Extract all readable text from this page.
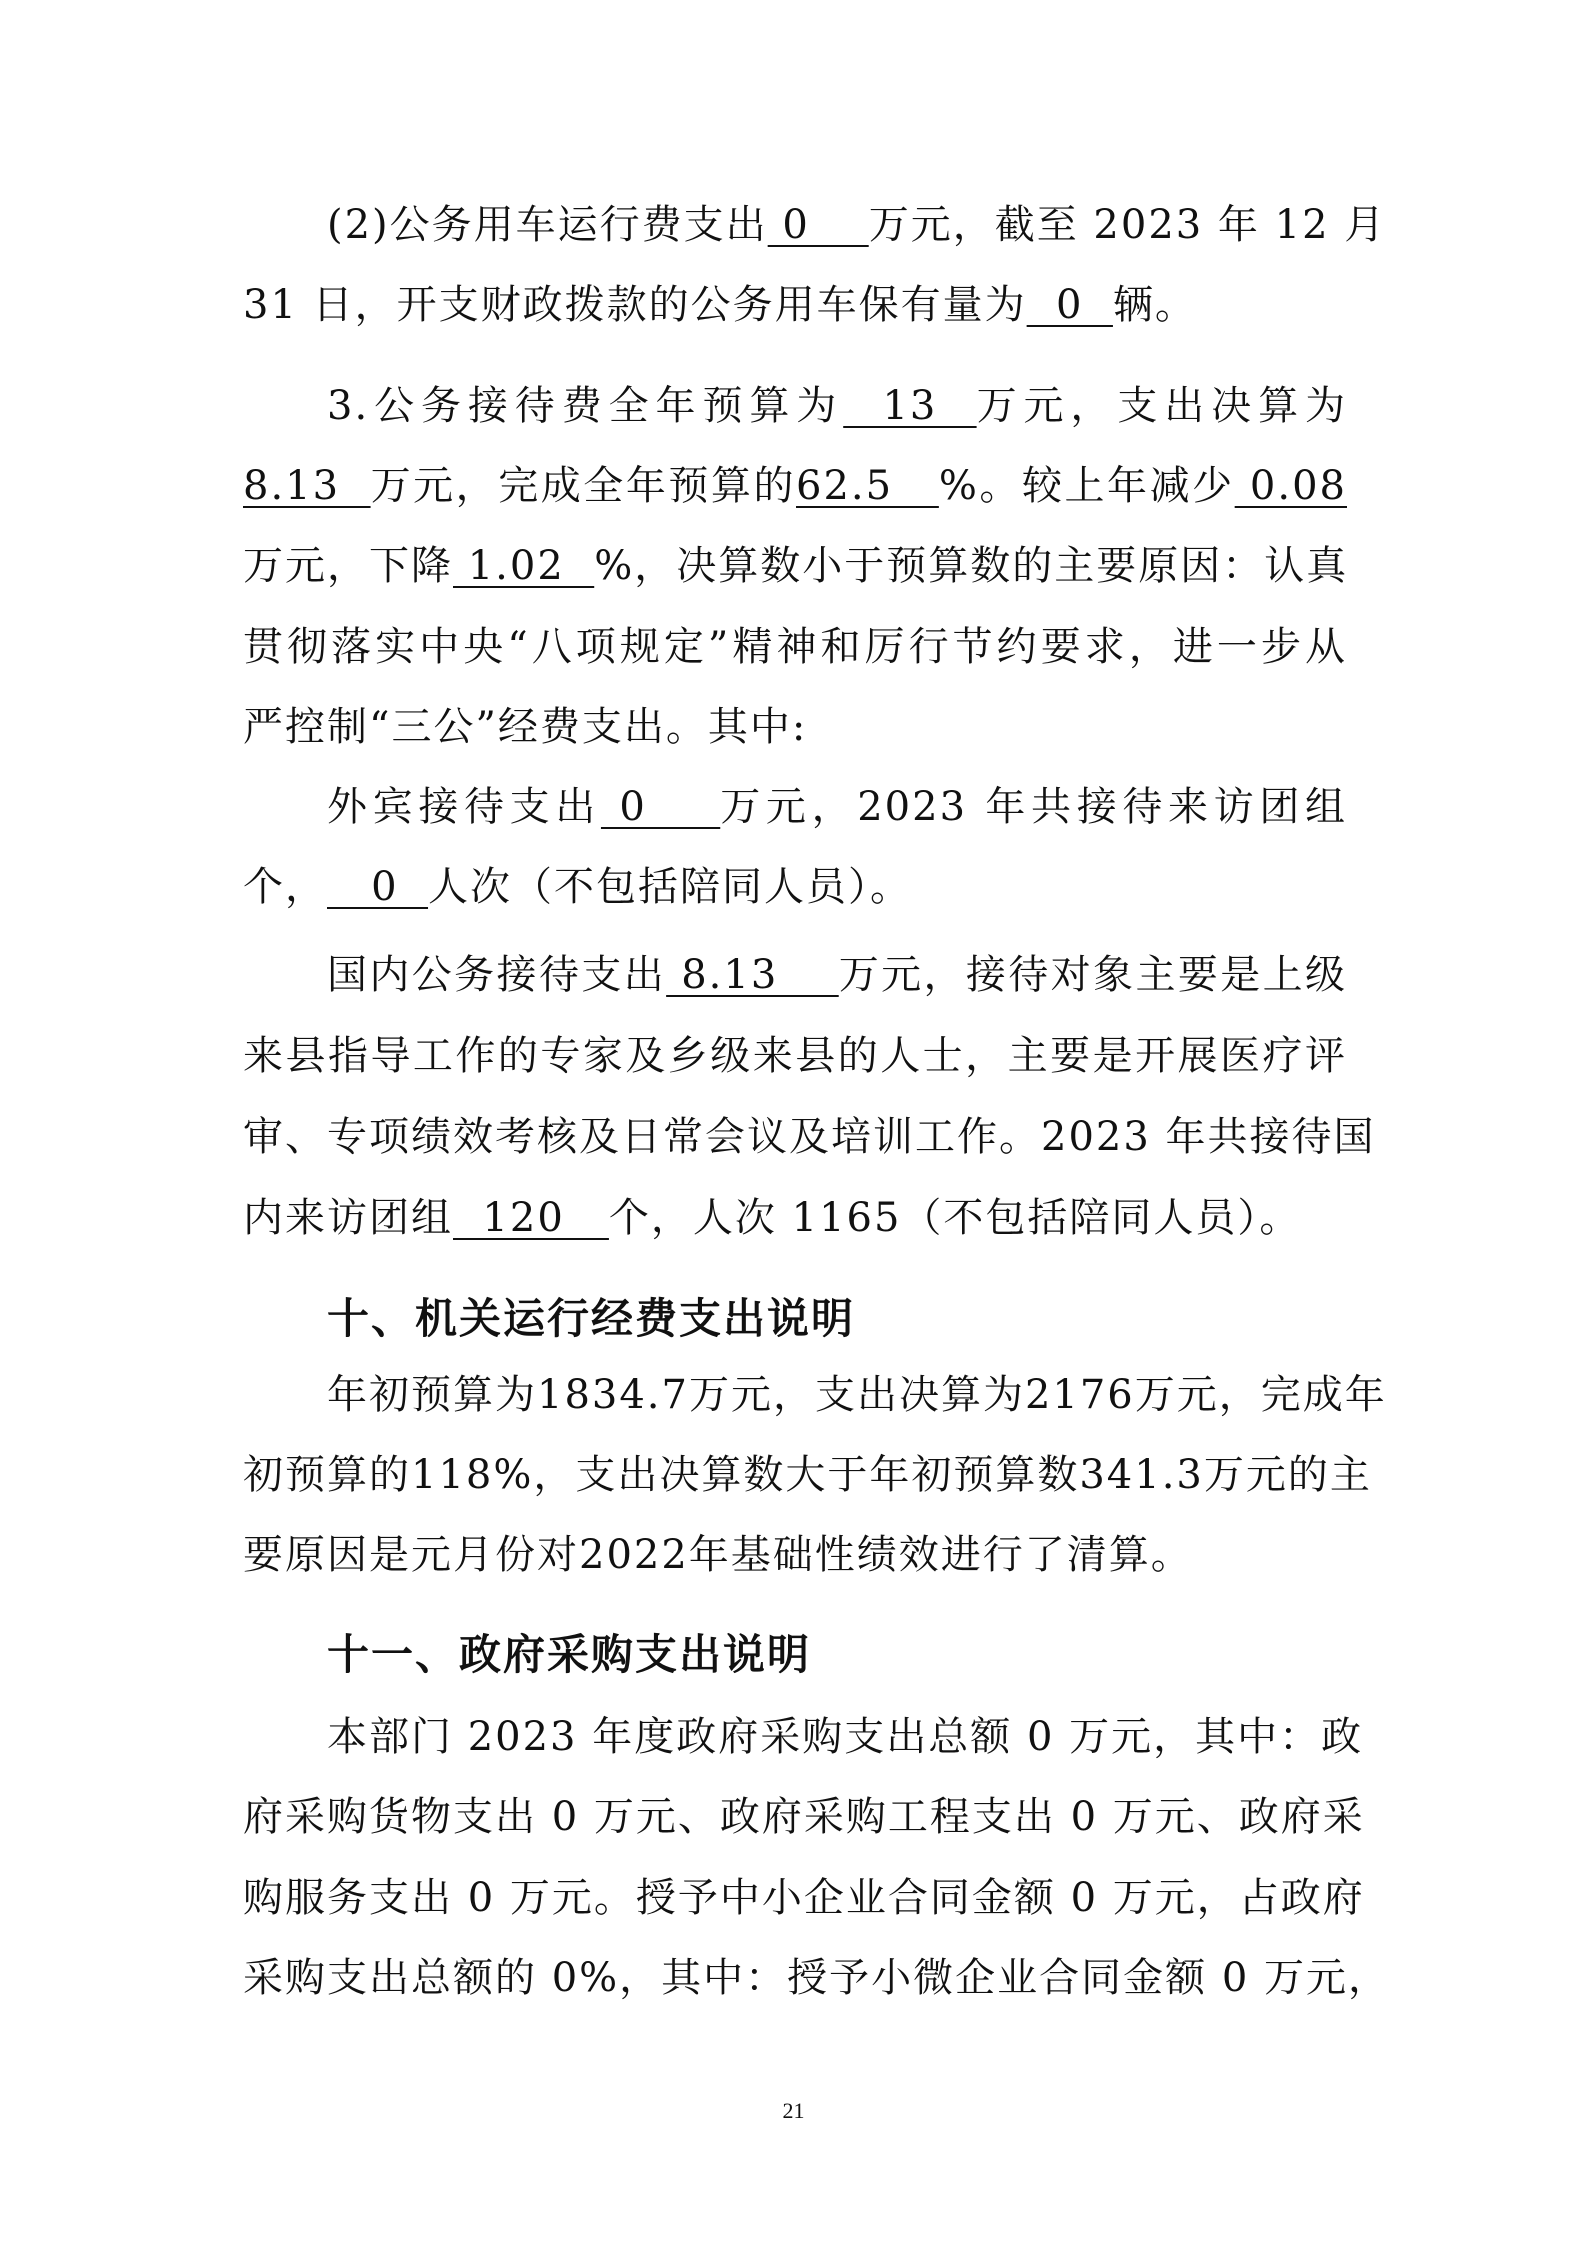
(2)公务用车运行费支出 0    万元，截至 2023 年 12 月
31 日，开支财政拨款的公务用车保有量为  0  辆。
3.公务接待费全年预算为  13  万元，支出决算为
8.13  万元，完成全年预算的62.5   %。较上年减少 0.08
万元，下降 1.02  %，决算数小于预算数的主要原因：认真
贯彻落实中央“八项规定”精神和厉行节约要求，进一步从
严控制“三公”经费支出。其中:
外宾接待支出 0    万元，2023 年共接待来访团组
个，   0  人次（不包括陪同人员）。
国内公务接待支出 8.13    万元，接待对象主要是上级
来县指导工作的专家及乡级来县的人士，主要是开展医疗评
审、专项绩效考核及日常会议及培训工作。2023 年共接待国
内来访团组  120   个，人次 1165（不包括陪同人员）。
十、机关运行经费支出说明
年初预算为1834.7万元，支出决算为2176万元，完成年
初预算的118%，支出决算数大于年初预算数341.3万元的主
要原因是元月份对2022年基础性绩效进行了清算。
十一、政府采购支出说明
本部门 2023 年度政府采购支出总额 0 万元，其中：政
府采购货物支出 0 万元、政府采购工程支出 0 万元、政府采
购服务支出 0 万元。授予中小企业合同金额 0 万元，占政府
采购支出总额的 0%，其中：授予小微企业合同金额 0 万元，
21
